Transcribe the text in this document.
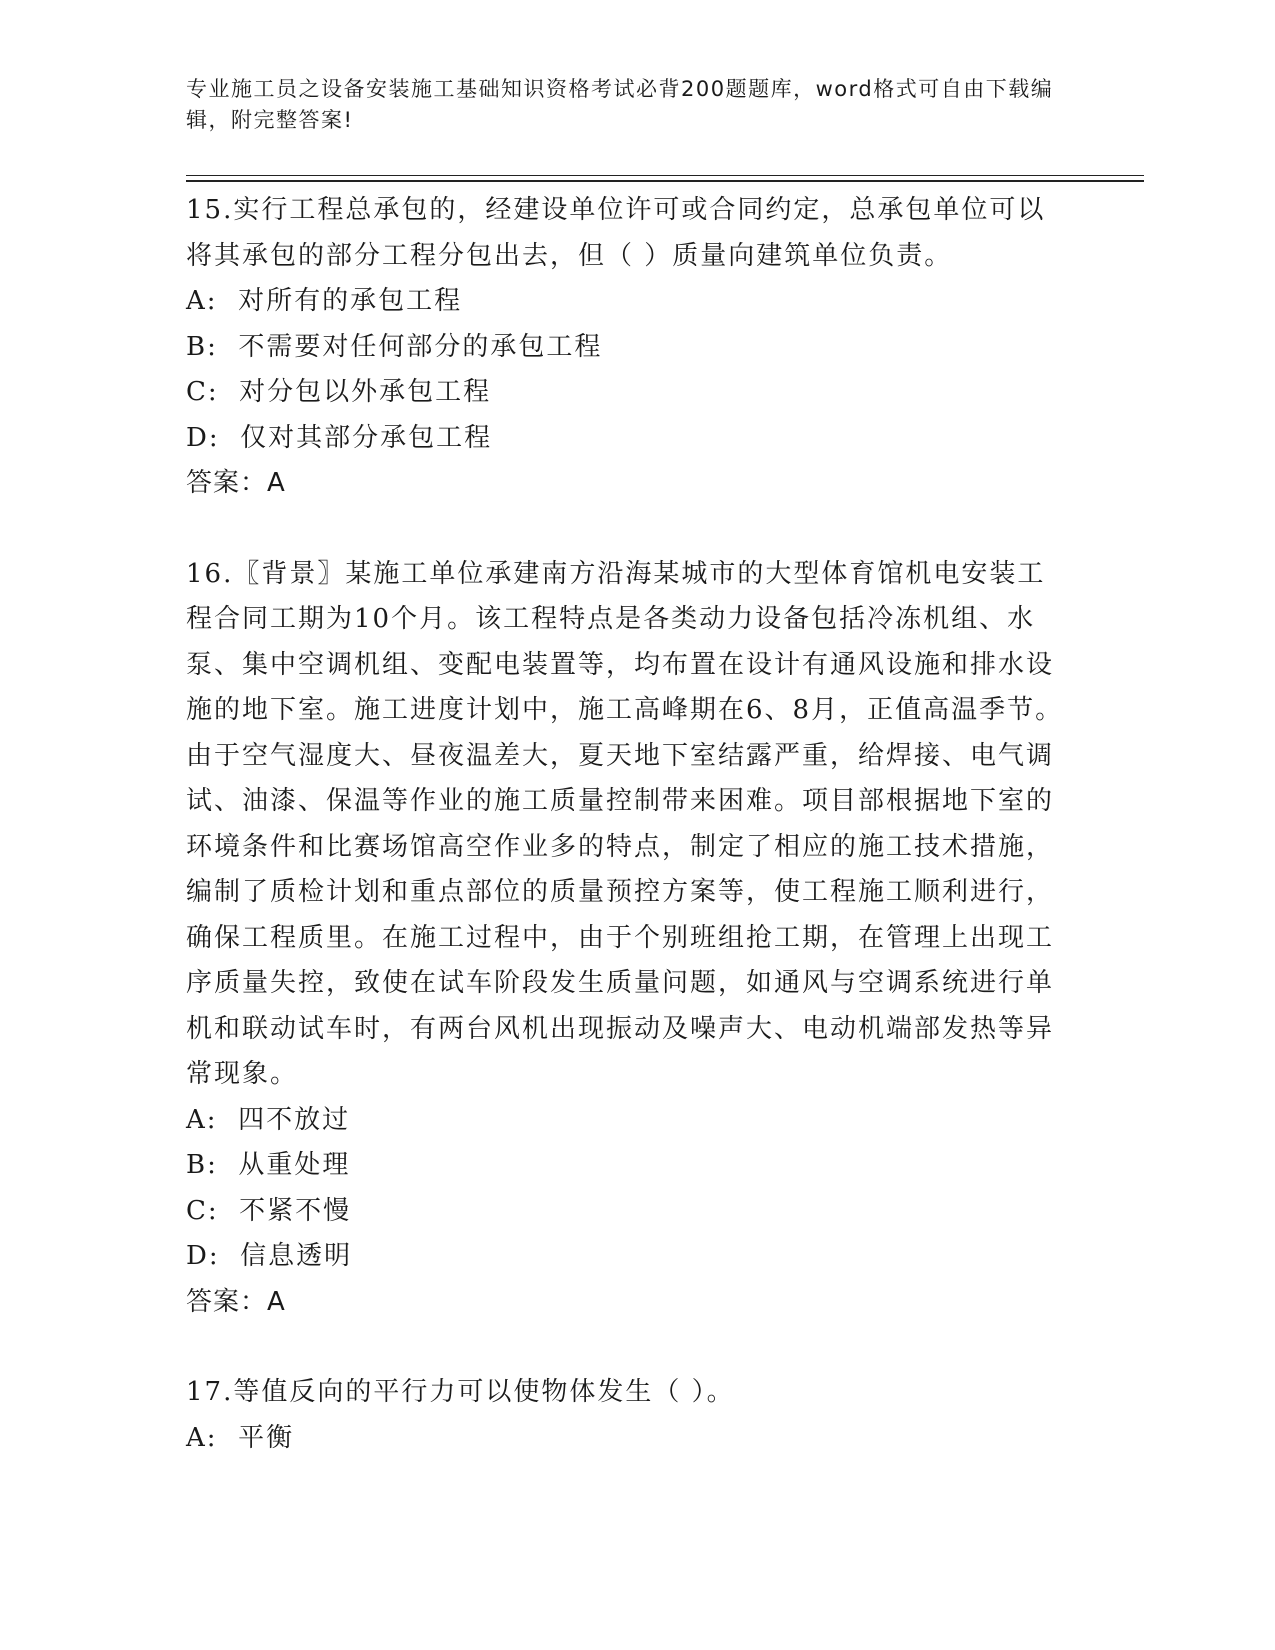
专业施工员之设备安装施工基础知识资格考试必背200题题库，word格式可自由下载编辑，附完整答案!

15.实行工程总承包的，经建设单位许可或合同约定，总承包单位可以将其承包的部分工程分包出去，但（ ）质量向建筑单位负责。

A:  对所有的承包工程

B:  不需要对任何部分的承包工程

C:  对分包以外承包工程

D:  仅对其部分承包工程

答案：A

16.〖背景〗某施工单位承建南方沿海某城市的大型体育馆机电安装工程合同工期为10个月。该工程特点是各类动力设备包括冷冻机组、水泵、集中空调机组、变配电装置等，均布置在设计有通风设施和排水设施的地下室。施工进度计划中，施工高峰期在6、8月，正值高温季节。由于空气湿度大、昼夜温差大，夏天地下室结露严重，给焊接、电气调试、油漆、保温等作业的施工质量控制带来困难。项目部根据地下室的环境条件和比赛场馆高空作业多的特点，制定了相应的施工技术措施，编制了质检计划和重点部位的质量预控方案等，使工程施工顺利进行，确保工程质里。在施工过程中，由于个别班组抢工期，在管理上出现工序质量失控，致使在试车阶段发生质量问题，如通风与空调系统进行单机和联动试车时，有两台风机出现振动及噪声大、电动机端部发热等异常现象。

A:  四不放过

B:  从重处理

C:  不紧不慢

D:  信息透明

答案：A

17.等值反向的平行力可以使物体发生（ ）。

A:  平衡
